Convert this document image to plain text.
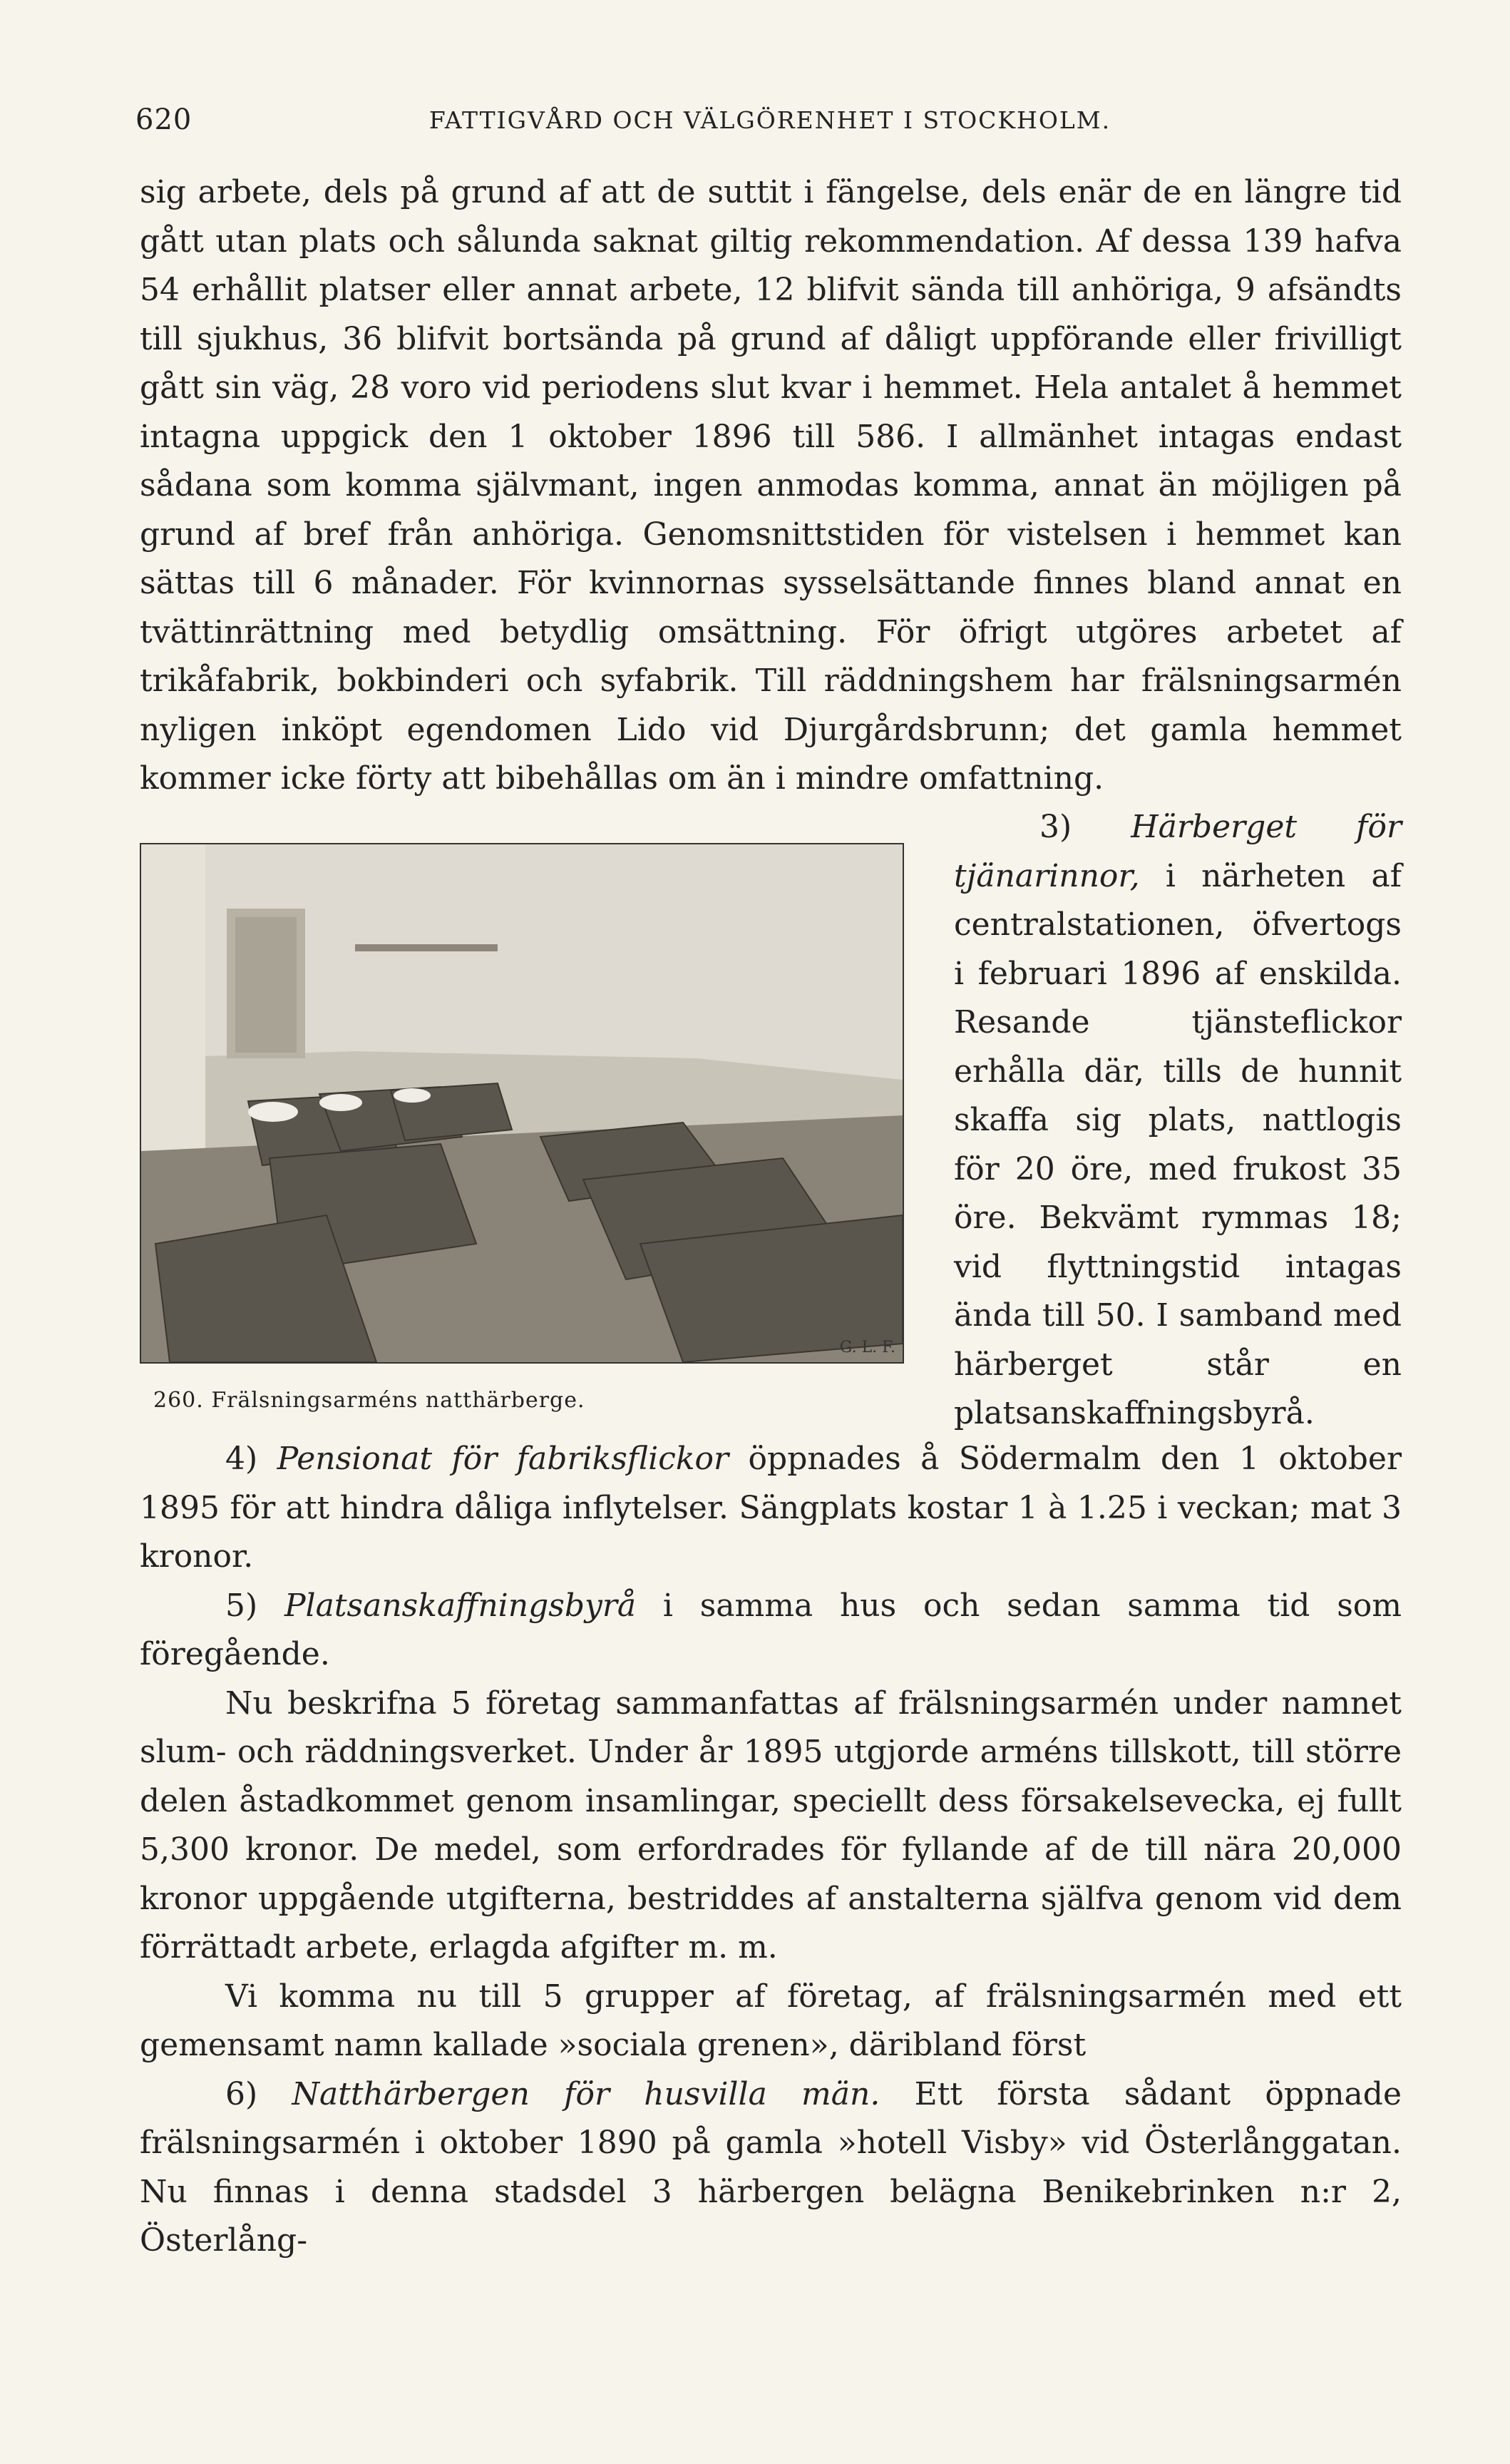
620	FATTIGVÅRD OCH VÄLGÖRENHET I STOCKHOLM.

sig arbete, dels på grund af att de suttit i fängelse, dels enär de en längre tid gått utan plats och sålunda saknat giltig rekommendation. Af dessa 139 hafva 54 erhållit platser eller annat arbete, 12 blifvit sända till anhöriga, 9 afsändts till sjukhus, 36 blifvit bortsända på grund af dåligt uppförande eller frivilligt gått sin väg, 28 voro vid periodens slut kvar i hemmet. Hela antalet å hemmet intagna uppgick den 1 oktober 1896 till 586. I allmänhet intagas endast sådana som komma självmant, ingen anmodas komma, annat än möjligen på grund af bref från anhöriga. Genomsnittstiden för vistelsen i hemmet kan sättas till 6 månader. För kvinnornas sysselsättande finnes bland annat en tvättinrättning med betydlig omsättning. För öfrigt utgöres arbetet af trikåfabrik, bokbinderi och syfabrik. Till räddningshem har frälsningsarmén nyligen inköpt egendomen Lido vid Djurgårdsbrunn; det gamla hemmet kommer icke förty att bibehållas om än i mindre omfattning.

3) Härberget för tjänarinnor, i närheten af centralstationen, öfvertogs i februari 1896 af enskilda. Resande tjänsteflickor erhålla där, tills de hunnit skaffa sig plats, nattlogis för 20 öre, med frukost 35 öre. Bekvämt rymmas 18; vid flyttningstid intagas ända till 50. I samband med härberget står en platsanskaffningsbyrå.

G. L. F.
260. Frälsningsarméns natthärberge.

4) Pensionat för fabriksflickor öppnades å Södermalm den 1 oktober 1895 för att hindra dåliga inflytelser. Sängplats kostar 1 à 1.25 i veckan; mat 3 kronor.

5) Platsanskaffningsbyrå i samma hus och sedan samma tid som föregående.

Nu beskrifna 5 företag sammanfattas af frälsningsarmén under namnet slum- och räddningsverket. Under år 1895 utgjorde arméns tillskott, till större delen åstadkommet genom insamlingar, speciellt dess försakelsevecka, ej fullt 5,300 kronor. De medel, som erfordrades för fyllande af de till nära 20,000 kronor uppgående utgifterna, bestriddes af anstalterna själfva genom vid dem förrättadt arbete, erlagda afgifter m. m.

Vi komma nu till 5 grupper af företag, af frälsningsarmén med ett gemensamt namn kallade »sociala grenen», däribland först

6) Natthärbergen för husvilla män. Ett första sådant öppnade frälsningsarmén i oktober 1890 på gamla »hotell Visby» vid Österlånggatan. Nu finnas i denna stadsdel 3 härbergen belägna Benikebrinken n:r 2, Österlång-
